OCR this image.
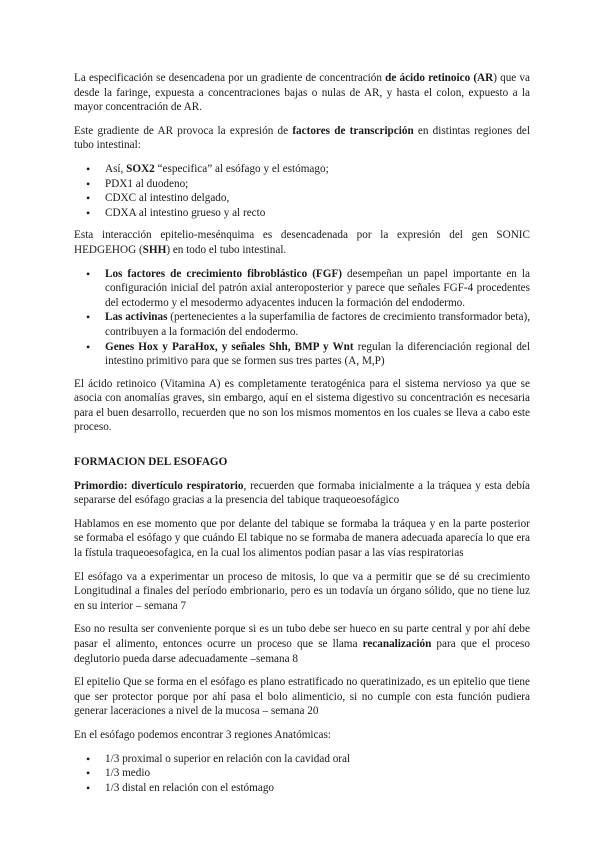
La especificación se desencadena por un gradiente de concentración de ácido retinoico (AR) que va desde la faringe, expuesta a concentraciones bajas o nulas de AR, y hasta el colon, expuesto a la mayor concentración de AR.

Este gradiente de AR provoca la expresión de factores de transcripción en distintas regiones del tubo intestinal:

• Así, SOX2 “especifica” al esófago y el estómago;
• PDX1 al duodeno;
• CDXC al intestino delgado,
• CDXA al intestino grueso y al recto

Esta interacción epitelio-mesénquima es desencadenada por la expresión del gen SONIC HEDGEHOG (SHH) en todo el tubo intestinal.

• Los factores de crecimiento fibroblástico (FGF) desempeñan un papel importante en la configuración inicial del patrón axial anteroposterior y parece que señales FGF-4 procedentes del ectodermo y el mesodermo adyacentes inducen la formación del endodermo.
• Las activinas (pertenecientes a la superfamilia de factores de crecimiento transformador beta), contribuyen a la formación del endodermo.
• Genes Hox y ParaHox, y señales Shh, BMP y Wnt regulan la diferenciación regional del intestino primitivo para que se formen sus tres partes (A, M,P)

El ácido retinoico (Vitamina A) es completamente teratogénica para el sistema nervioso ya que se asocia con anomalías graves, sin embargo, aquí en el sistema digestivo su concentración es necesaria para el buen desarrollo, recuerden que no son los mismos momentos en los cuales se lleva a cabo este proceso.

FORMACION DEL ESOFAGO

Primordio: divertículo respiratorio, recuerden que formaba inicialmente a la tráquea y esta debía separarse del esófago gracias a la presencia del tabique traqueoesofágico

Hablamos en ese momento que por delante del tabique se formaba la tráquea y en la parte posterior se formaba el esófago y que cuándo El tabique no se formaba de manera adecuada aparecía lo que era la fístula traqueoesofagica, en la cual los alimentos podían pasar a las vías respiratorias

El esófago va a experimentar un proceso de mitosis, lo que va a permitir que se dé su crecimiento Longitudinal a finales del período embrionario, pero es un todavía un órgano sólido, que no tiene luz en su interior – semana 7

Eso no resulta ser conveniente porque si es un tubo debe ser hueco en su parte central y por ahí debe pasar el alimento, entonces ocurre un proceso que se llama recanalización para que el proceso deglutorio pueda darse adecuadamente –semana 8

El epitelio Que se forma en el esófago es plano estratificado no queratinizado, es un epitelio que tiene que ser protector porque por ahí pasa el bolo alimenticio, si no cumple con esta función pudiera generar laceraciones a nivel de la mucosa – semana 20

En el esófago podemos encontrar 3 regiones Anatómicas:

• 1/3 proximal o superior en relación con la cavidad oral
• 1/3 medio
• 1/3 distal en relación con el estómago
